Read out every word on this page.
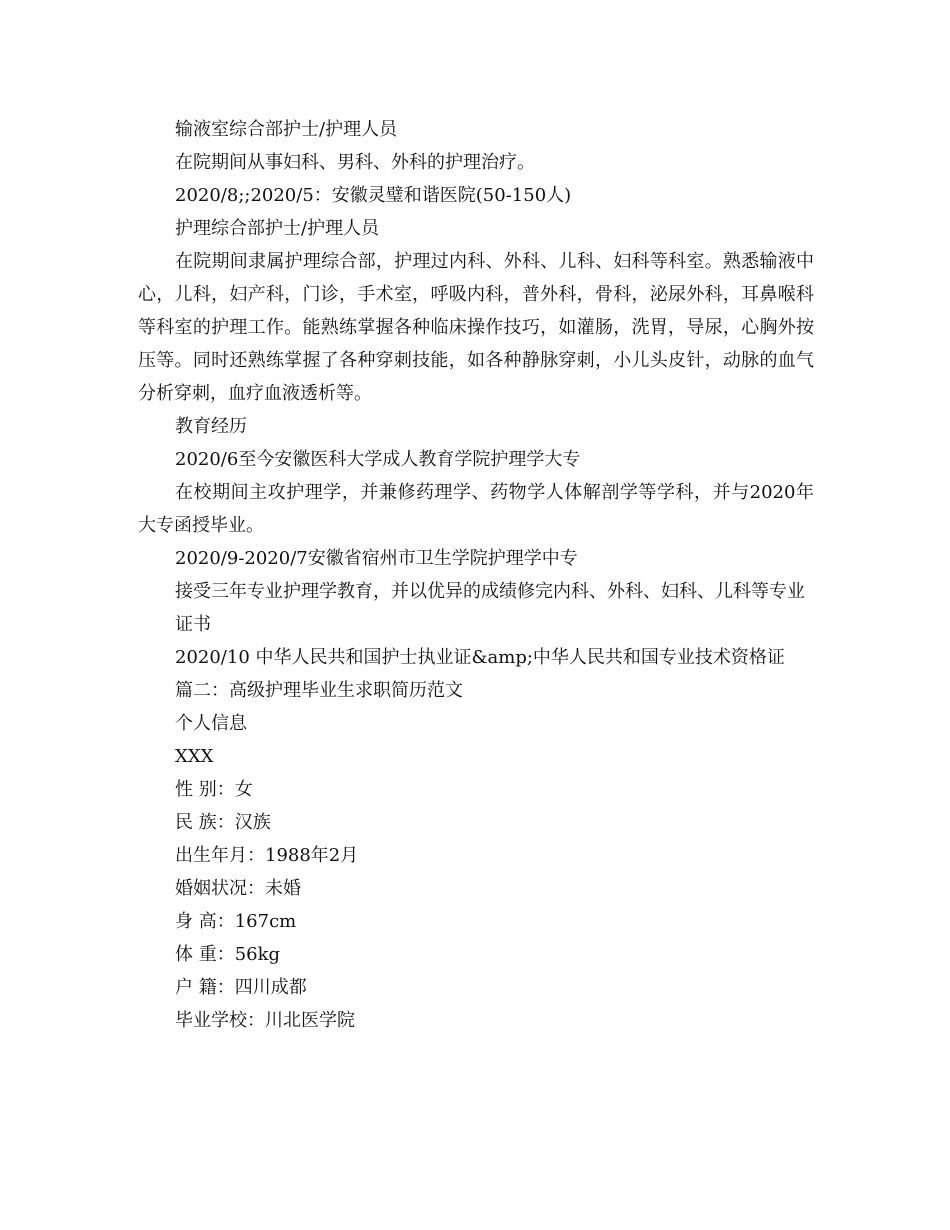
输液室综合部护士/护理人员
在院期间从事妇科、男科、外科的护理治疗。
2020/8;;2020/5：安徽灵璧和谐医院(50-150人)
护理综合部护士/护理人员
在院期间隶属护理综合部，护理过内科、外科、儿科、妇科等科室。熟悉输液中心，儿科，妇产科，门诊，手术室，呼吸内科，普外科，骨科，泌尿外科，耳鼻喉科等科室的护理工作。能熟练掌握各种临床操作技巧，如灌肠，洗胃，导尿，心胸外按压等。同时还熟练掌握了各种穿刺技能，如各种静脉穿刺，小儿头皮针，动脉的血气分析穿刺，血疗血液透析等。
教育经历
2020/6至今安徽医科大学成人教育学院护理学大专
在校期间主攻护理学，并兼修药理学、药物学人体解剖学等学科，并与2020年大专函授毕业。
2020/9-2020/7安徽省宿州市卫生学院护理学中专
接受三年专业护理学教育，并以优异的成绩修完内科、外科、妇科、儿科等专业
证书
2020/10 中华人民共和国护士执业证&amp;中华人民共和国专业技术资格证
篇二：高级护理毕业生求职简历范文
个人信息
XXX
性 别：女
民 族：汉族
出生年月：1988年2月
婚姻状况：未婚
身 高：167cm
体 重：56kg
户 籍：四川成都
毕业学校：川北医学院
